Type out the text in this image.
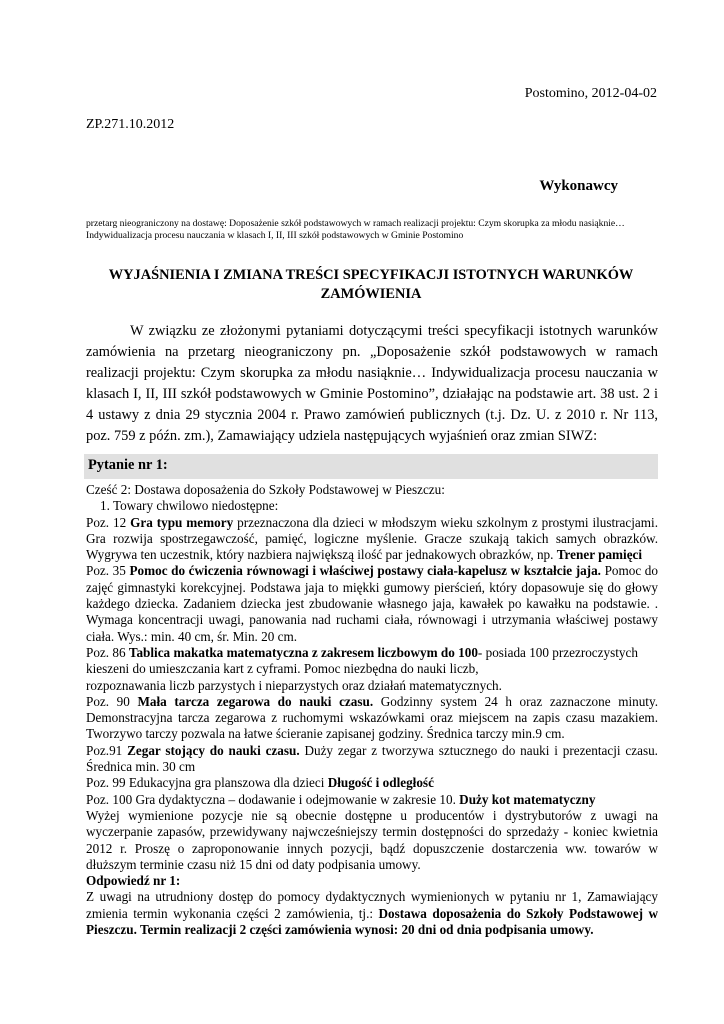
Postomino, 2012-04-02
ZP.271.10.2012
Wykonawcy
przetarg nieograniczony na dostawę: Doposażenie szkół podstawowych w ramach realizacji projektu: Czym skorupka za młodu nasiąknie… Indywidualizacja procesu nauczania w klasach I, II, III szkół podstawowych w Gminie Postomino
WYJAŚNIENIA I ZMIANA TREŚCI SPECYFIKACJI ISTOTNYCH WARUNKÓW ZAMÓWIENIA
W związku ze złożonymi pytaniami dotyczącymi treści specyfikacji istotnych warunków zamówienia na przetarg nieograniczony pn. „Doposażenie szkół podstawowych w ramach realizacji projektu: Czym skorupka za młodu nasiąknie… Indywidualizacja procesu nauczania w klasach I, II, III szkół podstawowych w Gminie Postomino”, działając na podstawie art. 38 ust. 2 i 4 ustawy z dnia 29 stycznia 2004 r. Prawo zamówień publicznych (t.j. Dz. U. z 2010 r. Nr 113, poz. 759 z późn. zm.), Zamawiający udziela następujących wyjaśnień oraz zmian SIWZ:
Pytanie nr 1:

Cześć 2: Dostawa doposażenia do Szkoły Podstawowej w Pieszczu:

1. Towary chwilowo niedostępne:

Poz. 12 Gra typu memory przeznaczona dla dzieci w młodszym wieku szkolnym z prostymi ilustracjami. Gra rozwija spostrzegawczość, pamięć, logiczne myślenie. Gracze szukają takich samych obrazków. Wygrywa ten uczestnik, który nazbiera największą ilość par jednakowych obrazków, np. Trener pamięci

Poz. 35 Pomoc do ćwiczenia równowagi i właściwej postawy ciała-kapelusz w kształcie jaja. Pomoc do zajęć gimnastyki korekcyjnej. Podstawa jaja to miękki gumowy pierścień, który dopasowuje się do głowy każdego dziecka. Zadaniem dziecka jest zbudowanie własnego jaja, kawałek po kawałku na podstawie. . Wymaga koncentracji uwagi, panowania nad ruchami ciała, równowagi i utrzymania właściwej postawy ciała. Wys.: min. 40 cm, śr. Min. 20 cm.

Poz. 86 Tablica makatka matematyczna z zakresem liczbowym do 100- posiada 100 przezroczystych kieszeni do umieszczania kart z cyframi. Pomoc niezbędna do nauki liczb,

rozpoznawania liczb parzystych i nieparzystych oraz działań matematycznych.

Poz. 90 Mała tarcza zegarowa do nauki czasu. Godzinny system 24 h oraz zaznaczone minuty. Demonstracyjna tarcza zegarowa z ruchomymi wskazówkami oraz miejscem na zapis czasu mazakiem. Tworzywo tarczy pozwala na łatwe ścieranie zapisanej godziny. Średnica tarczy min.9 cm.

Poz.91 Zegar stojący do nauki czasu. Duży zegar z tworzywa sztucznego do nauki i prezentacji czasu. Średnica min. 30 cm

Poz. 99 Edukacyjna gra planszowa dla dzieci Długość i odległość

Poz. 100 Gra dydaktyczna – dodawanie i odejmowanie w zakresie 10. Duży kot matematyczny

Wyżej wymienione pozycje nie są obecnie dostępne u producentów i dystrybutorów z uwagi na wyczerpanie zapasów, przewidywany najwcześniejszy termin dostępności do sprzedaży - koniec kwietnia 2012 r. Proszę o zaproponowanie innych pozycji, bądź dopuszczenie dostarczenia ww. towarów w dłuższym terminie czasu niż 15 dni od daty podpisania umowy.

Odpowiedź nr 1:

Z uwagi na utrudniony dostęp do pomocy dydaktycznych wymienionych w pytaniu nr 1, Zamawiający zmienia termin wykonania części 2 zamówienia, tj.: Dostawa doposażenia do Szkoły Podstawowej w Pieszczu. Termin realizacji 2 części zamówienia wynosi: 20 dni od dnia podpisania umowy.
